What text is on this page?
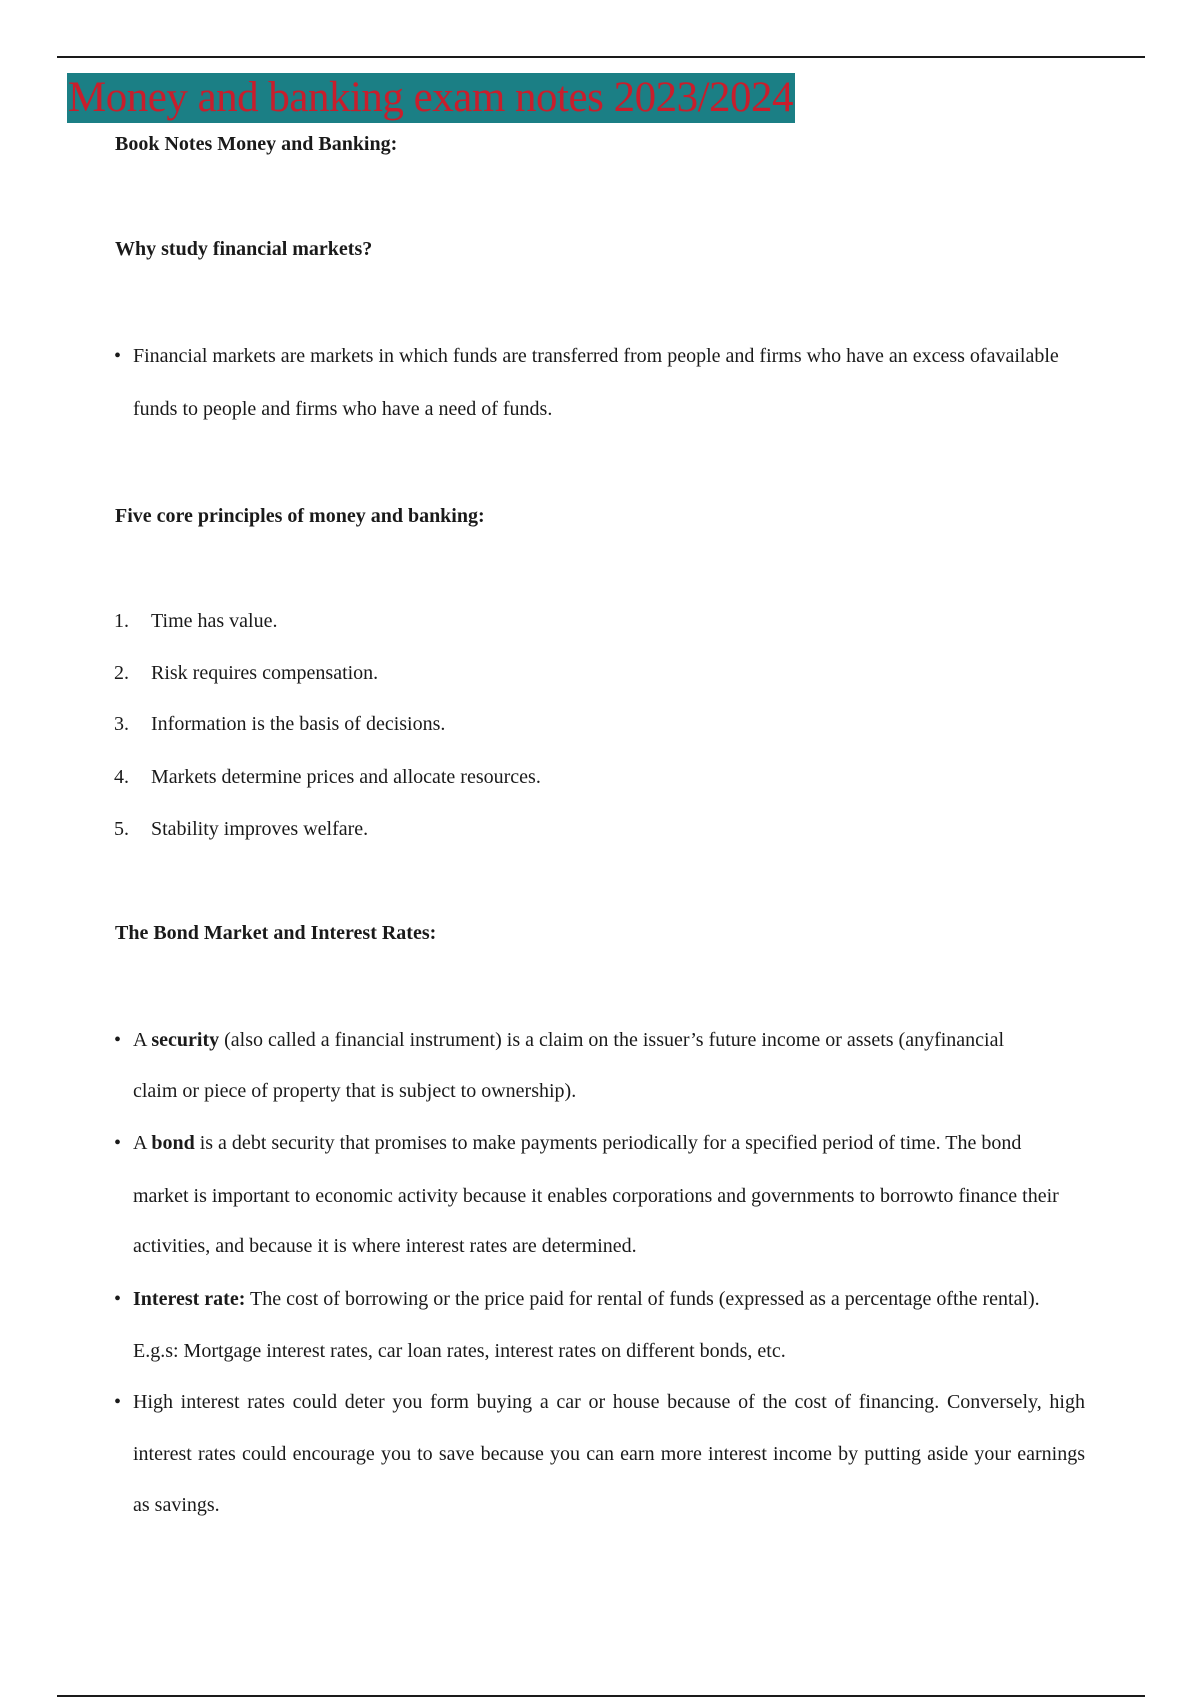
Money and banking exam notes 2023/2024
Book Notes Money and Banking:
Why study financial markets?
• Financial markets are markets in which funds are transferred from people and firms who have an excess ofavailable
funds to people and firms who have a need of funds.
Five core principles of money and banking:
1. Time has value.
2. Risk requires compensation.
3. Information is the basis of decisions.
4. Markets determine prices and allocate resources.
5. Stability improves welfare.
The Bond Market and Interest Rates:
• A security (also called a financial instrument) is a claim on the issuer’s future income or assets (anyfinancial
claim or piece of property that is subject to ownership).
• A bond is a debt security that promises to make payments periodically for a specified period of time. The bond
market is important to economic activity because it enables corporations and governments to borrowto finance their
activities, and because it is where interest rates are determined.
• Interest rate: The cost of borrowing or the price paid for rental of funds (expressed as a percentage ofthe rental).
E.g.s: Mortgage interest rates, car loan rates, interest rates on different bonds, etc.
• High interest rates could deter you form buying a car or house because of the cost of financing. Conversely, high
interest rates could encourage you to save because you can earn more interest income by putting aside your earnings
as savings.
